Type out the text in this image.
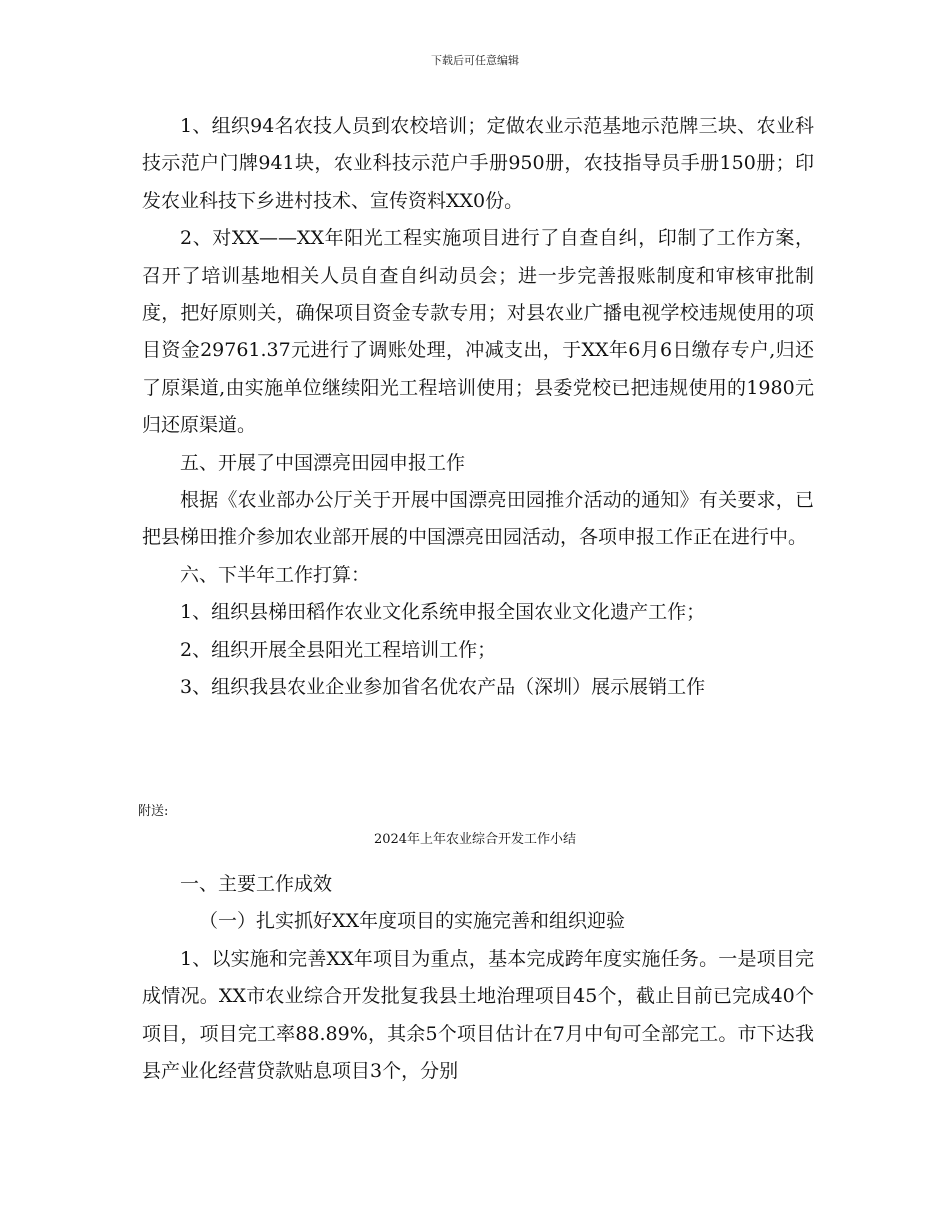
下载后可任意编辑

1、组织94名农技人员到农校培训；定做农业示范基地示范牌三块、农业科技示范户门牌941块，农业科技示范户手册950册，农技指导员手册150册；印发农业科技下乡进村技术、宣传资料XX0份。

2、对XX——XX年阳光工程实施项目进行了自查自纠，印制了工作方案，召开了培训基地相关人员自查自纠动员会；进一步完善报账制度和审核审批制度，把好原则关，确保项目资金专款专用；对县农业广播电视学校违规使用的项目资金29761.37元进行了调账处理，冲减支出，于XX年6月6日缴存专户,归还了原渠道,由实施单位继续阳光工程培训使用；县委党校已把违规使用的1980元归还原渠道。

五、开展了中国漂亮田园申报工作

根据《农业部办公厅关于开展中国漂亮田园推介活动的通知》有关要求，已把县梯田推介参加农业部开展的中国漂亮田园活动，各项申报工作正在进行中。

六、下半年工作打算：

1、组织县梯田稻作农业文化系统申报全国农业文化遗产工作；

2、组织开展全县阳光工程培训工作；

3、组织我县农业企业参加省名优农产品（深圳）展示展销工作

附送:
2024年上年农业综合开发工作小结

一、主要工作成效

（一）扎实抓好XX年度项目的实施完善和组织迎验

1、以实施和完善XX年项目为重点，基本完成跨年度实施任务。一是项目完成情况。XX市农业综合开发批复我县土地治理项目45个，截止目前已完成40个项目，项目完工率88.89%，其余5个项目估计在7月中旬可全部完工。市下达我县产业化经营贷款贴息项目3个，分别
